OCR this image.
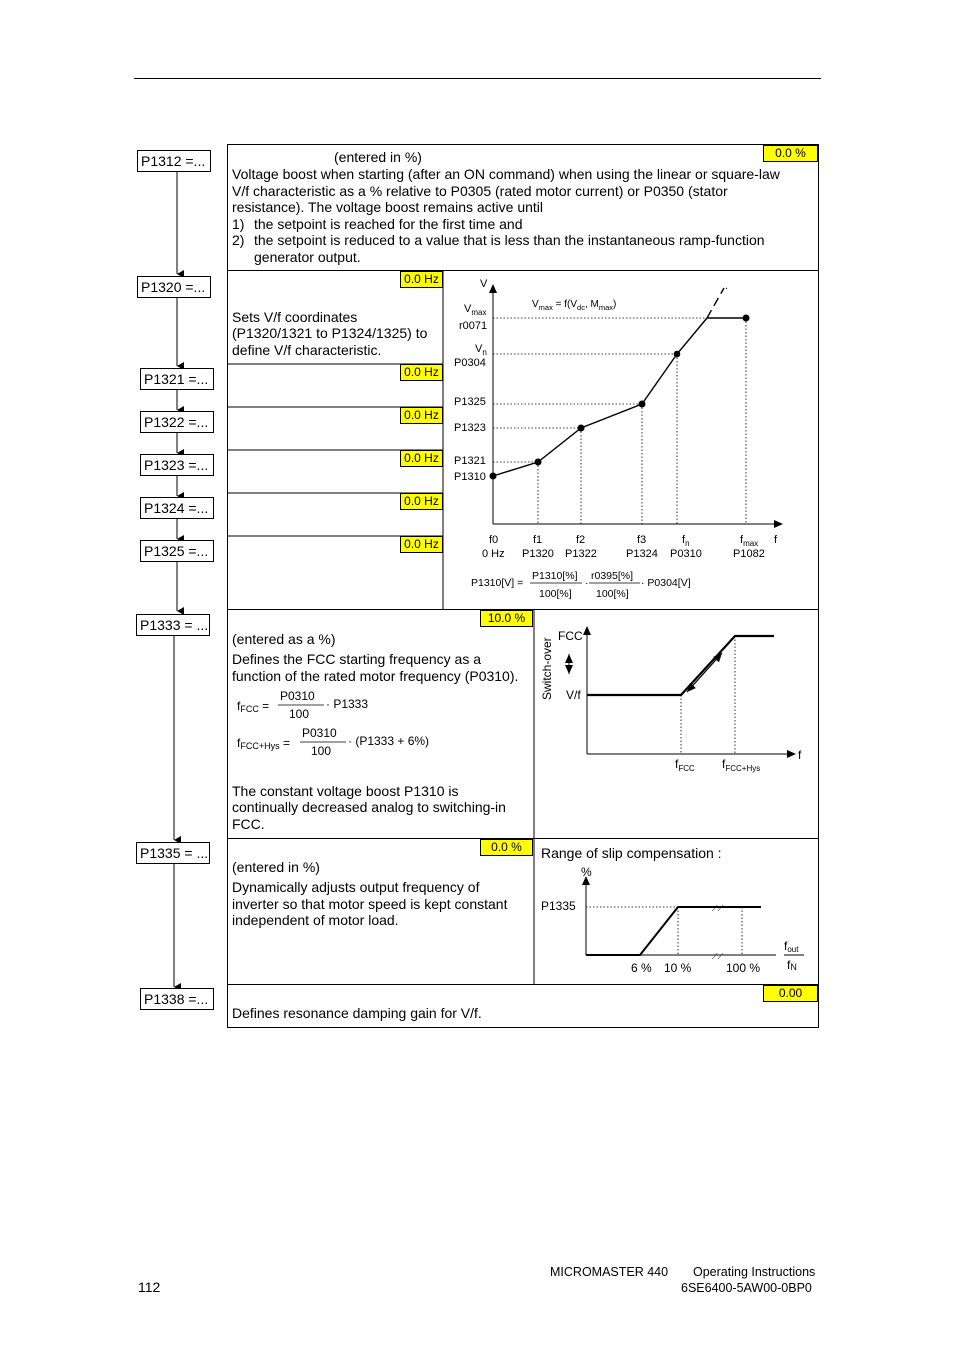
P1312 =...
P1320 =...
P1321 =...
P1322 =...
P1323 =...
P1324 =...
P1325 =...
P1333 = ...
P1335 = ...
P1338 =...
0.0 %
(entered in %)
Voltage boost when starting (after an ON command) when using the linear or square-law
V/f characteristic as a % relative to P0305 (rated motor current) or P0350 (stator
resistance). The voltage boost remains active until
1) the setpoint is reached for the first time and
2) the setpoint is reduced to a value that is less than the instantaneous ramp-function
generator output.
0.0 Hz
0.0 Hz
0.0 Hz
0.0 Hz
0.0 Hz
0.0 Hz
Sets V/f coordinates
(P1320/1321 to P1324/1325) to
define V/f characteristic.
.
V
f
$V_{max}$
r0071
$V_n$
P0304
$V_{max} = f(V_{dc}$, $M_{max}$)
P1325
P1323
P1321
P1310
f0	f1	f2	f3	$f_n$	$f_{max}$
0 Hz P1320 P1322	P1324 P0310	P1082
P1310[V] =
P1310[%]
100[%]
·
r0395[%]
100[%]
· P0304[V]
10.0 %
(entered as a %)
Defines the FCC starting frequency as a
function of the rated motor frequency (P0310).
fFCC =
P0310
100
· P1333
fFCC+Hys =
P0310
100
· (P1333 + 6%)
The constant voltage boost P1310 is
continually decreased analog to switching-in
FCC.
Switch-over
FCC
V/f
f
$f_{FCC}$ $f_{FCC+Hys}$
0.0 %
(entered in %)
Dynamically adjusts output frequency of
inverter so that motor speed is kept constant
independent of motor load.
Range of slip compensation :
⟋⟋
⟋⟋
%
P1335
6 % 10 %	100 %
fout
fN
0.00
Defines resonance damping gain for V/f.
MICROMASTER 440 Operating Instructions
112	6SE6400-5AW00-0BP0
